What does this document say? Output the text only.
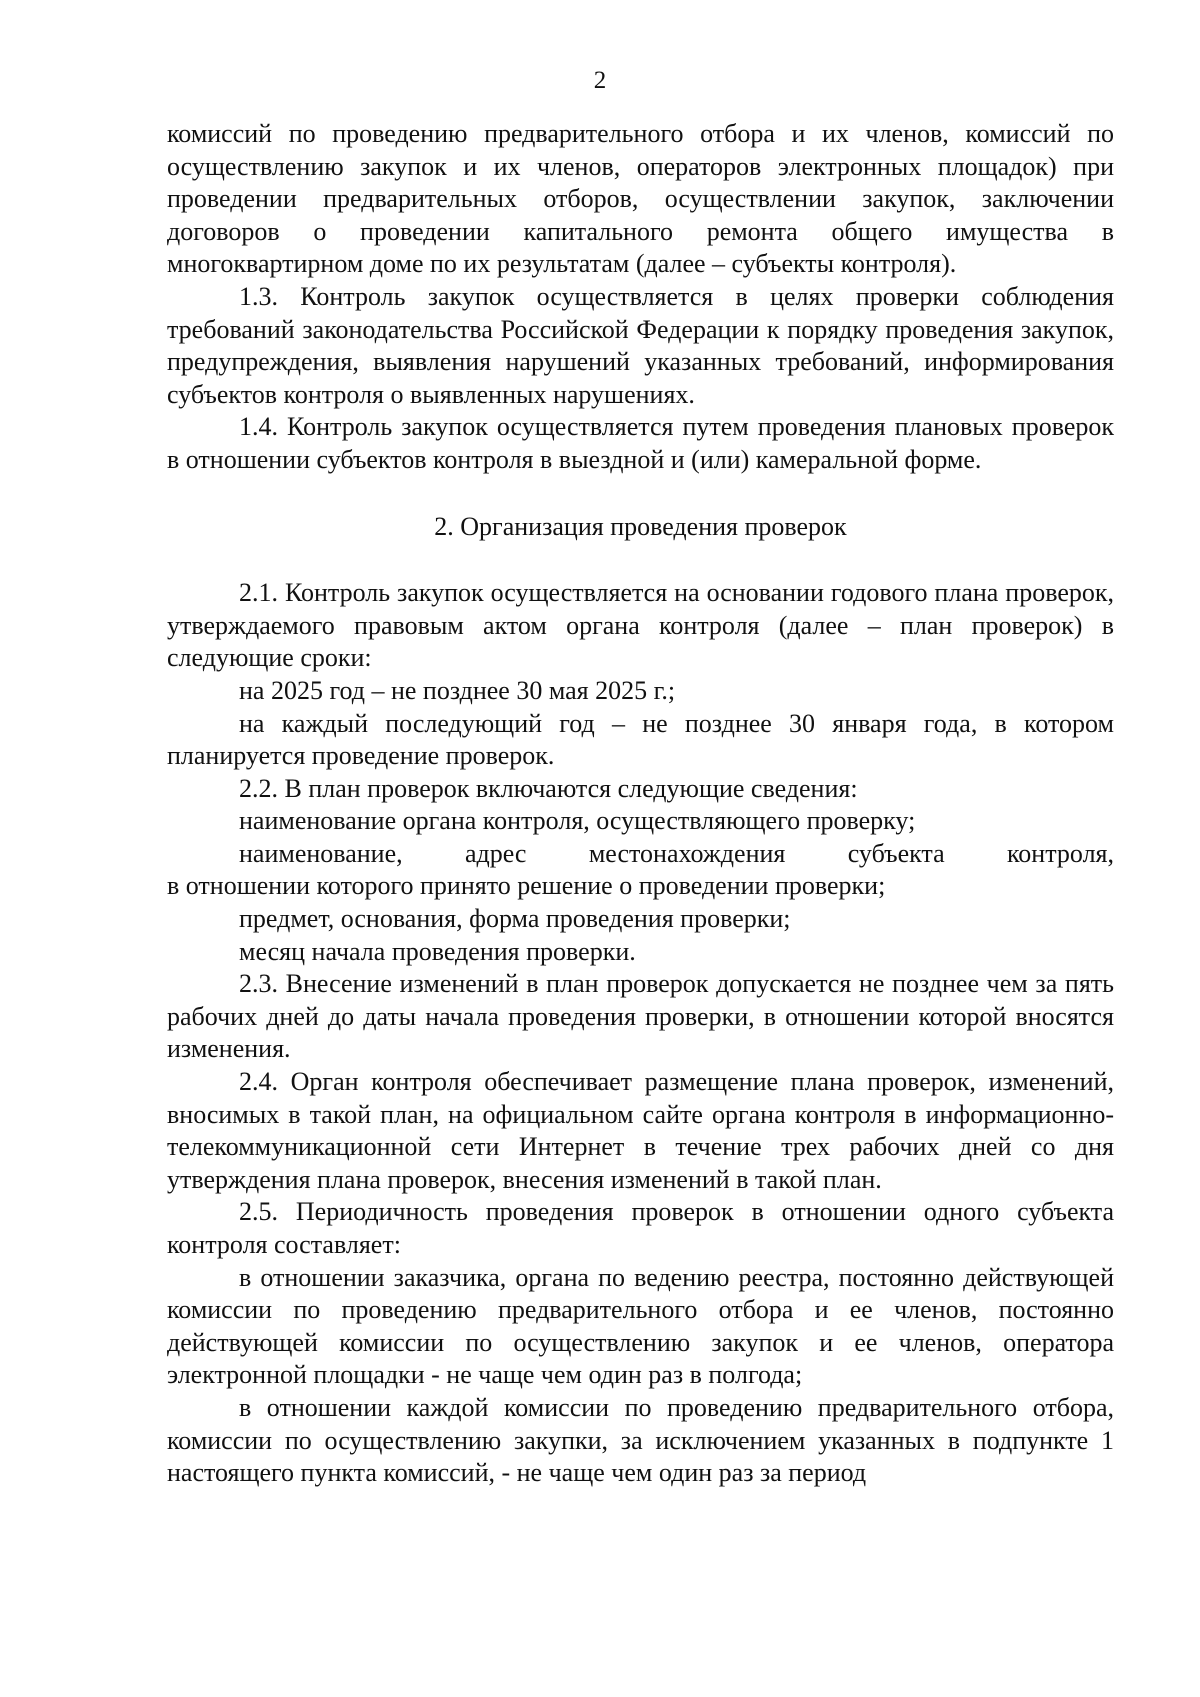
2

комиссий по проведению предварительного отбора и их членов, комиссий по осуществлению закупок и их членов, операторов электронных площадок) при проведении предварительных отборов, осуществлении закупок, заключении договоров о проведении капитального ремонта общего имущества в многоквартирном доме по их результатам (далее – субъекты контроля).

1.3. Контроль закупок осуществляется в целях проверки соблюдения требований законодательства Российской Федерации к порядку проведения закупок, предупреждения, выявления нарушений указанных требований, информирования субъектов контроля о выявленных нарушениях.

1.4. Контроль закупок осуществляется путем проведения плановых проверок в отношении субъектов контроля в выездной и (или) камеральной форме.

2. Организация проведения проверок

2.1. Контроль закупок осуществляется на основании годового плана проверок, утверждаемого правовым актом органа контроля (далее – план проверок) в следующие сроки:

на 2025 год – не позднее 30 мая 2025 г.;

на каждый последующий год – не позднее 30 января года, в котором планируется проведение проверок.

2.2. В план проверок включаются следующие сведения:

наименование органа контроля, осуществляющего проверку;

наименование, адрес местонахождения субъекта контроля,

в отношении которого принято решение о проведении проверки;

предмет, основания, форма проведения проверки;

месяц начала проведения проверки.

2.3. Внесение изменений в план проверок допускается не позднее чем за пять рабочих дней до даты начала проведения проверки, в отношении которой вносятся изменения.

2.4. Орган контроля обеспечивает размещение плана проверок, изменений, вносимых в такой план, на официальном сайте органа контроля в информационно-телекоммуникационной сети Интернет в течение трех рабочих дней со дня утверждения плана проверок, внесения изменений в такой план.

2.5. Периодичность проведения проверок в отношении одного субъекта контроля составляет:

в отношении заказчика, органа по ведению реестра, постоянно действующей комиссии по проведению предварительного отбора и ее членов, постоянно действующей комиссии по осуществлению закупок и ее членов, оператора электронной площадки - не чаще чем один раз в полгода;

в отношении каждой комиссии по проведению предварительного отбора, комиссии по осуществлению закупки, за исключением указанных в подпункте 1 настоящего пункта комиссий, - не чаще чем один раз за период
